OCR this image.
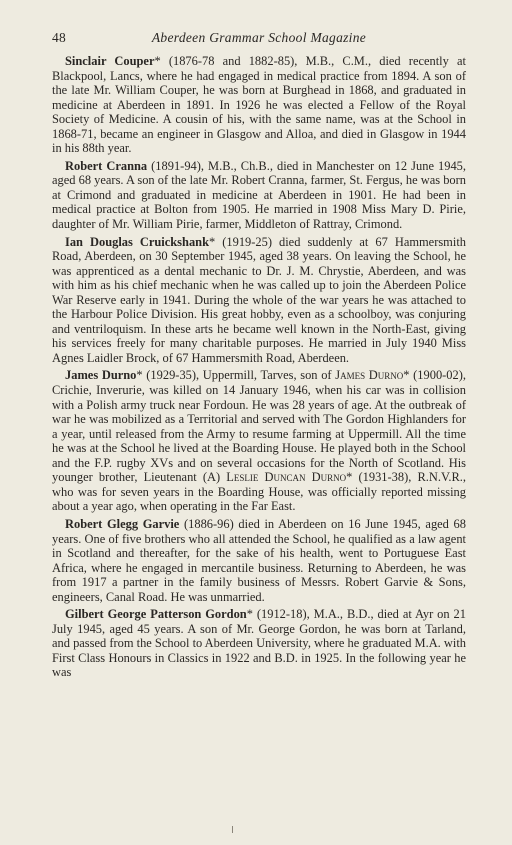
48	Aberdeen Grammar School Magazine

Sinclair Couper* (1876-78 and 1882-85), M.B., C.M., died recently at Blackpool, Lancs, where he had engaged in medical practice from 1894. A son of the late Mr. William Couper, he was born at Burghead in 1868, and graduated in medicine at Aberdeen in 1891. In 1926 he was elected a Fellow of the Royal Society of Medicine. A cousin of his, with the same name, was at the School in 1868-71, became an engineer in Glasgow and Alloa, and died in Glasgow in 1944 in his 88th year.

Robert Cranna (1891-94), M.B., Ch.B., died in Manchester on 12 June 1945, aged 68 years. A son of the late Mr. Robert Cranna, farmer, St. Fergus, he was born at Crimond and graduated in medicine at Aberdeen in 1901. He had been in medical practice at Bolton from 1905. He married in 1908 Miss Mary D. Pirie, daughter of Mr. William Pirie, farmer, Middleton of Rattray, Crimond.

Ian Douglas Cruickshank* (1919-25) died suddenly at 67 Hammersmith Road, Aberdeen, on 30 September 1945, aged 38 years. On leaving the School, he was apprenticed as a dental mechanic to Dr. J. M. Chrystie, Aberdeen, and was with him as his chief mechanic when he was called up to join the Aberdeen Police War Reserve early in 1941. During the whole of the war years he was attached to the Harbour Police Division. His great hobby, even as a schoolboy, was conjuring and ventriloquism. In these arts he became well known in the North-East, giving his services freely for many charitable purposes. He married in July 1940 Miss Agnes Laidler Brock, of 67 Hammersmith Road, Aberdeen.

James Durno* (1929-35), Uppermill, Tarves, son of James Durno* (1900-02), Crichie, Inverurie, was killed on 14 January 1946, when his car was in collision with a Polish army truck near Fordoun. He was 28 years of age. At the outbreak of war he was mobilized as a Territorial and served with The Gordon Highlanders for a year, until released from the Army to resume farming at Uppermill. All the time he was at the School he lived at the Boarding House. He played both in the School and the F.P. rugby XVs and on several occasions for the North of Scotland. His younger brother, Lieutenant (A) Leslie Duncan Durno* (1931-38), R.N.V.R., who was for seven years in the Boarding House, was officially reported missing about a year ago, when operating in the Far East.

Robert Glegg Garvie (1886-96) died in Aberdeen on 16 June 1945, aged 68 years. One of five brothers who all attended the School, he qualified as a law agent in Scotland and thereafter, for the sake of his health, went to Portuguese East Africa, where he engaged in mercantile business. Returning to Aberdeen, he was from 1917 a partner in the family business of Messrs. Robert Garvie & Sons, engineers, Canal Road. He was unmarried.

Gilbert George Patterson Gordon* (1912-18), M.A., B.D., died at Ayr on 21 July 1945, aged 45 years. A son of Mr. George Gordon, he was born at Tarland, and passed from the School to Aberdeen University, where he graduated M.A. with First Class Honours in Classics in 1922 and B.D. in 1925. In the following year he was
